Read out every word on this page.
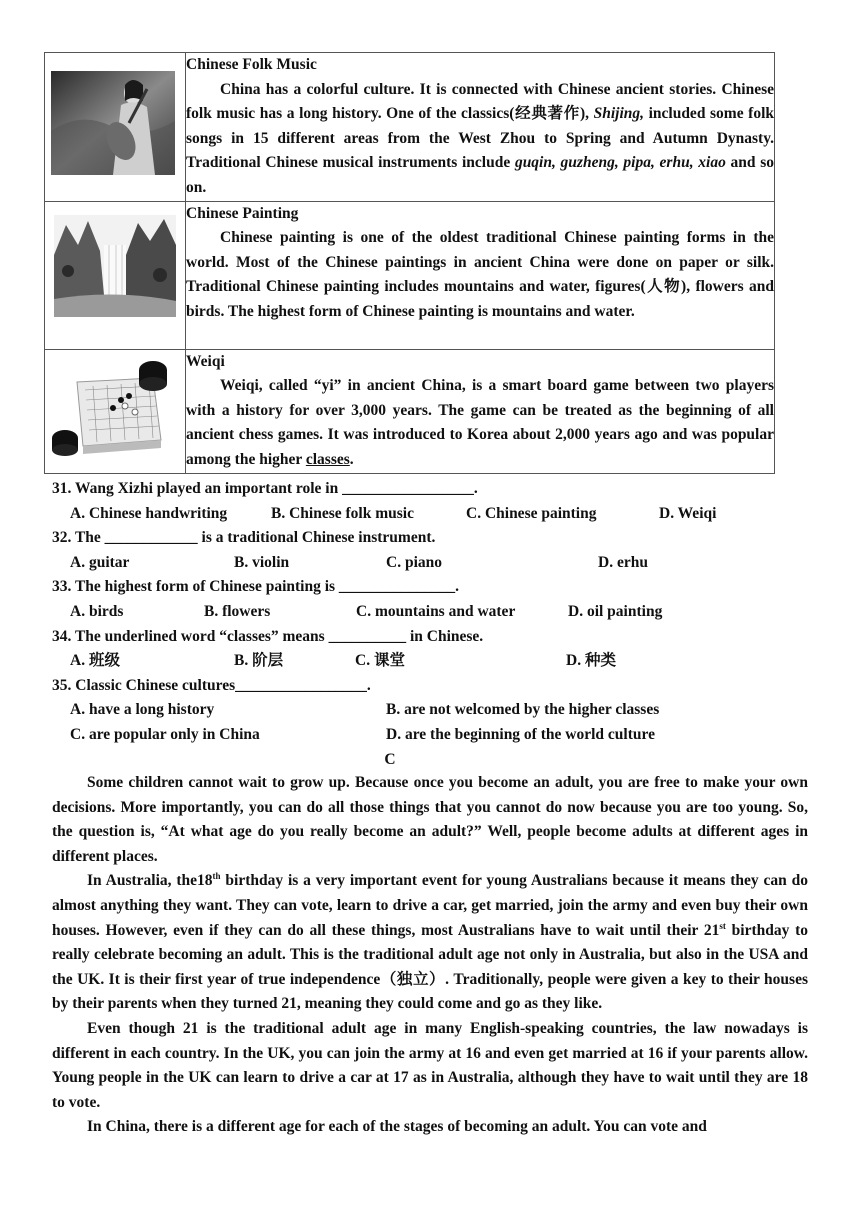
Chinese Folk Music

China has a colorful culture. It is connected with Chinese ancient stories. Chinese folk music has a long history. One of the classics(经典著作), Shijing, included some folk songs in 15 different areas from the West Zhou to Spring and Autumn Dynasty. Traditional Chinese musical instruments include guqin, guzheng, pipa, erhu, xiao and so on.

Chinese Painting

Chinese painting is one of the oldest traditional Chinese painting forms in the world. Most of the Chinese paintings in ancient China were done on paper or silk. Traditional Chinese painting includes mountains and water, figures(人物), flowers and birds. The highest form of Chinese painting is mountains and water.

Weiqi

Weiqi, called “yi” in ancient China, is a smart board game between two players with a history for over 3,000 years. The game can be treated as the beginning of all ancient chess games. It was introduced to Korea about 2,000 years ago and was popular among the higher classes.

31. Wang Xizhi played an important role in _________________.
A. Chinese handwriting	B. Chinese folk music	C. Chinese painting	D. Weiqi
32. The ____________ is a traditional Chinese instrument.
A. guitar	B. violin	C. piano	D. erhu
33. The highest form of Chinese painting is _______________.
A. birds	B. flowers	C. mountains and water	D. oil painting
34. The underlined word “classes” means __________ in Chinese.
A. 班级	B. 阶层	C. 课堂	D. 种类
35. Classic Chinese cultures_________________.
A. have a long history	B. are not welcomed by the higher classes
C. are popular only in China	D. are the beginning of the world culture
C

Some children cannot wait to grow up. Because once you become an adult, you are free to make your own decisions. More importantly, you can do all those things that you cannot do now because you are too young. So, the question is, “At what age do you really become an adult?” Well, people become adults at different ages in different places.

In Australia, the18th birthday is a very important event for young Australians because it means they can do almost anything they want. They can vote, learn to drive a car, get married, join the army and even buy their own houses. However, even if they can do all these things, most Australians have to wait until their 21st birthday to really celebrate becoming an adult. This is the traditional adult age not only in Australia, but also in the USA and the UK. It is their first year of true independence（独立）. Traditionally, people were given a key to their houses by their parents when they turned 21, meaning they could come and go as they like.

Even though 21 is the traditional adult age in many English-speaking countries, the law nowadays is different in each country. In the UK, you can join the army at 16 and even get married at 16 if your parents allow. Young people in the UK can learn to drive a car at 17 as in Australia, although they have to wait until they are 18 to vote.

In China, there is a different age for each of the stages of becoming an adult. You can vote and
